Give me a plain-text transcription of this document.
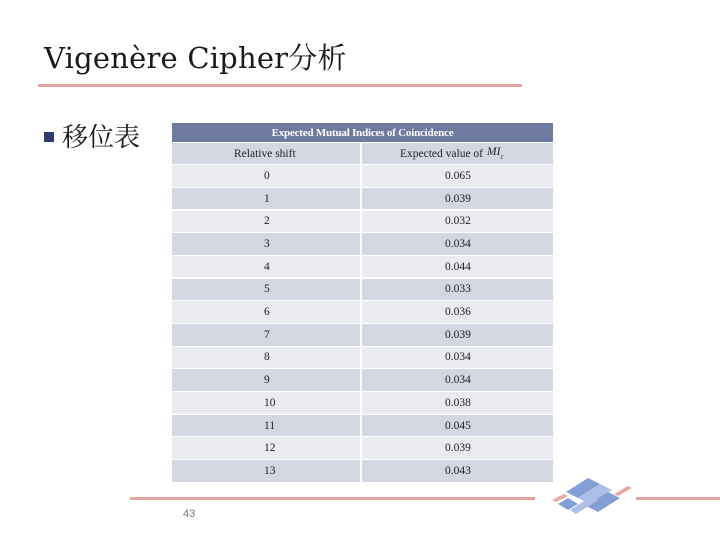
Vigenère Cipher分析
移位表	Expected Mutual Indices of Coincidence
Relative shift	Expected value of $MI_c$
0	0.065
1	0.039
2	0.032
3	0.034
4	0.044
5	0.033
6	0.036
7	0.039
8	0.034
9	0.034
10	0.038
11	0.045
12	0.039
13	0.043
43
